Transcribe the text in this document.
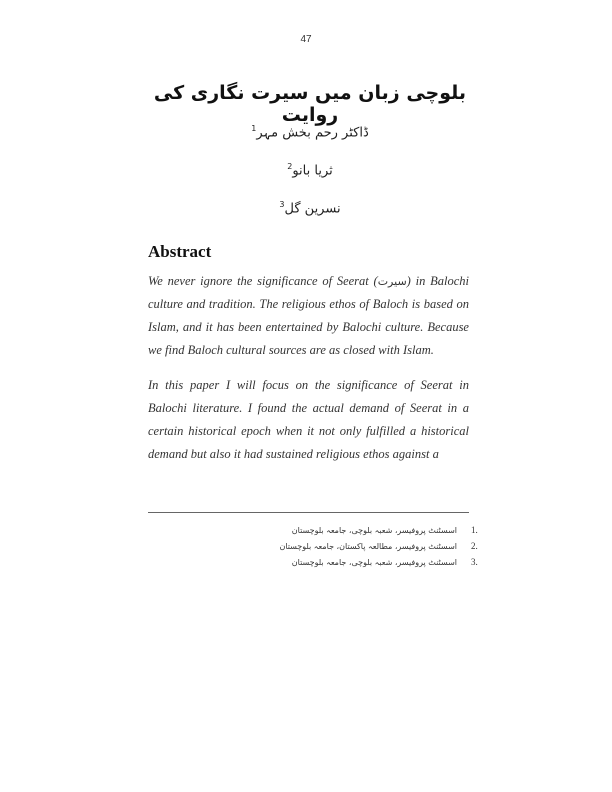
47
بلوچی زبان میں سیرت نگاری کی روایت
ڈاکٹر رحم بخش مہر$^1$
ثریا بانو$^2$
نسرین گل$^3$
Abstract

We never ignore the significance of Seerat (سیرت) in Balochi culture and tradition. The religious ethos of Baloch is based on Islam, and it has been entertained by Balochi culture. Because we find Baloch cultural sources are as closed with Islam.

In this paper I will focus on the significance of Seerat in Balochi literature. I found the actual demand of Seerat in a certain historical epoch when it not only fulfilled a historical demand but also it had sustained religious ethos against a

اسسٹنٹ پروفیسر، شعبہ بلوچی، جامعہ بلوچستان	1.
اسسٹنٹ پروفیسر، مطالعہ پاکستان، جامعہ بلوچستان	2.
اسسٹنٹ پروفیسر، شعبہ بلوچی، جامعہ بلوچستان	3.
